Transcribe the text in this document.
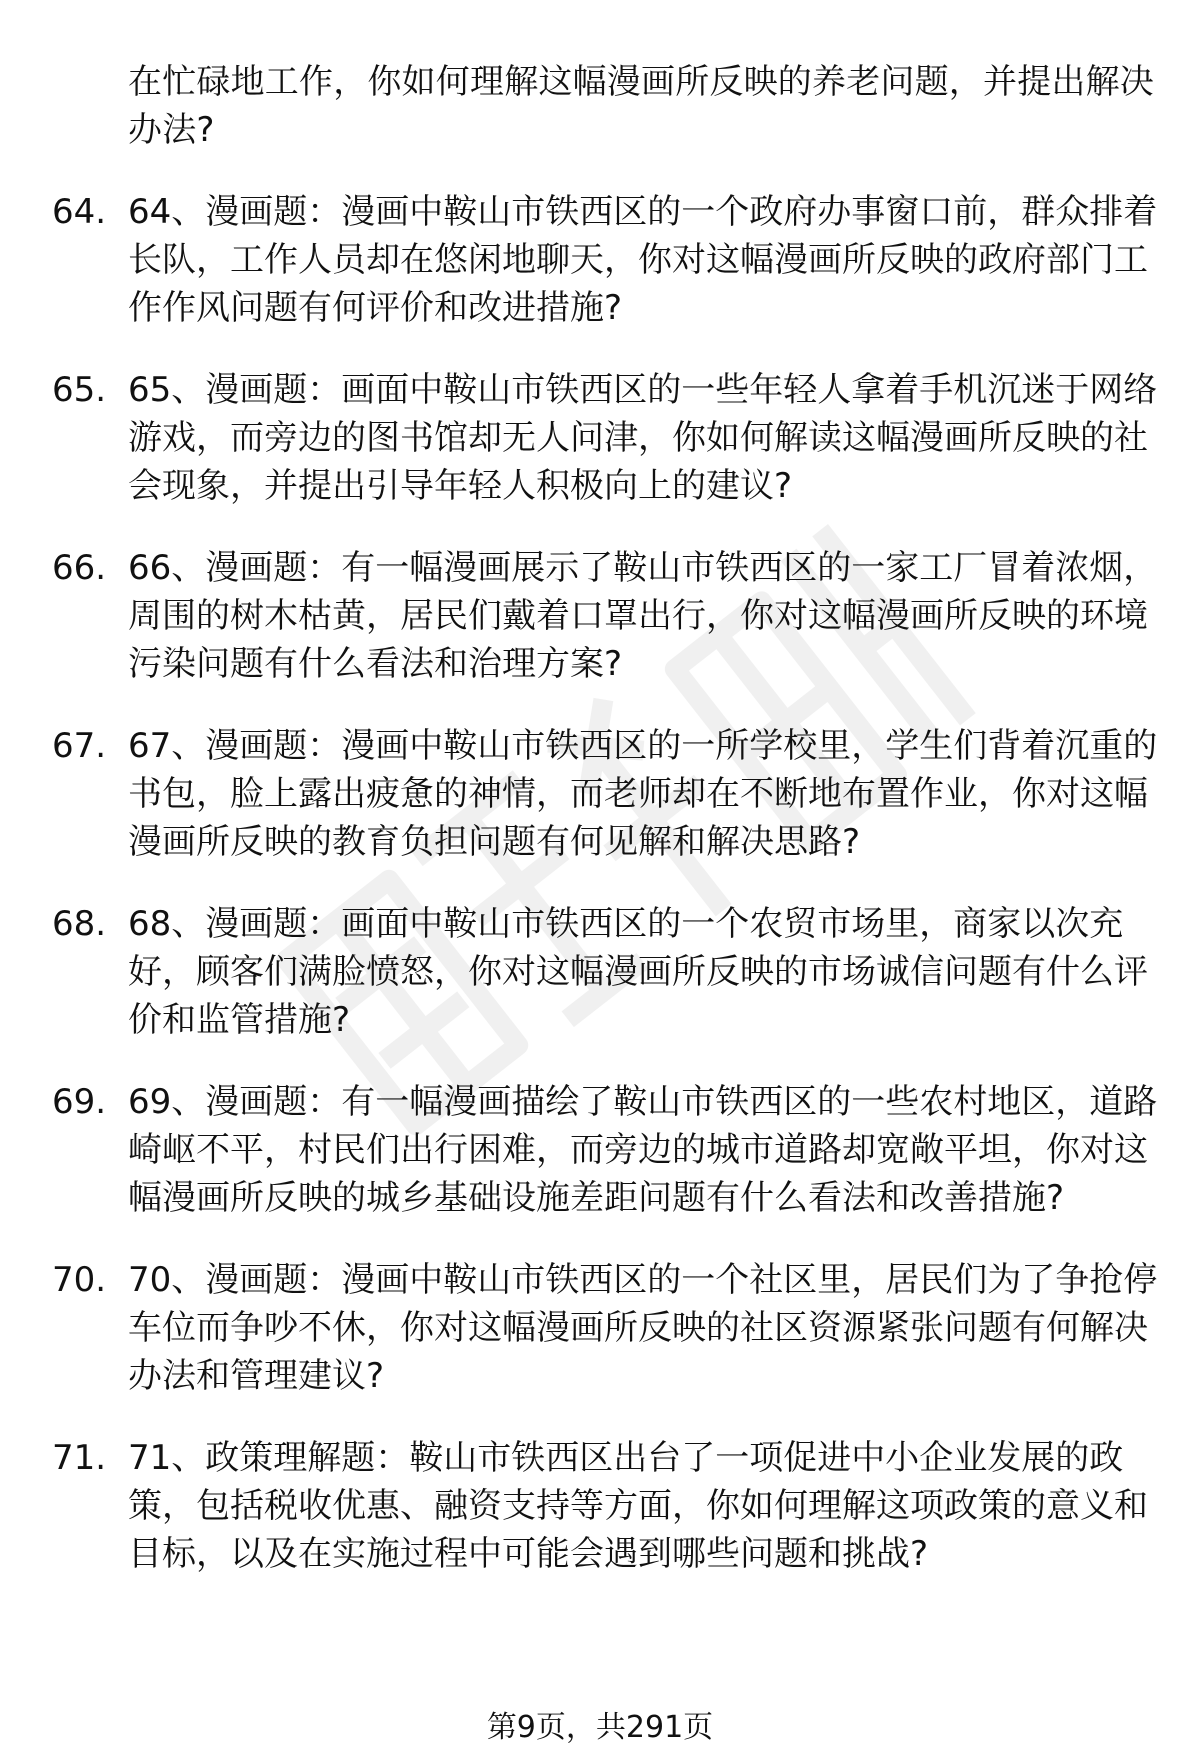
在忙碌地工作，你如何理解这幅漫画所反映的养老问题，并提出解决办法?
64. 64、漫画题：漫画中鞍山市铁西区的一个政府办事窗口前，群众排着长队，工作人员却在悠闲地聊天，你对这幅漫画所反映的政府部门工作作风问题有何评价和改进措施?
65. 65、漫画题：画面中鞍山市铁西区的一些年轻人拿着手机沉迷于网络游戏，而旁边的图书馆却无人问津，你如何解读这幅漫画所反映的社会现象，并提出引导年轻人积极向上的建议?
66. 66、漫画题：有一幅漫画展示了鞍山市铁西区的一家工厂冒着浓烟，周围的树木枯黄，居民们戴着口罩出行，你对这幅漫画所反映的环境污染问题有什么看法和治理方案?
67. 67、漫画题：漫画中鞍山市铁西区的一所学校里，学生们背着沉重的书包，脸上露出疲惫的神情，而老师却在不断地布置作业，你对这幅漫画所反映的教育负担问题有何见解和解决思路?
68. 68、漫画题：画面中鞍山市铁西区的一个农贸市场里，商家以次充好，顾客们满脸愤怒，你对这幅漫画所反映的市场诚信问题有什么评价和监管措施?
69. 69、漫画题：有一幅漫画描绘了鞍山市铁西区的一些农村地区，道路崎岖不平，村民们出行困难，而旁边的城市道路却宽敞平坦，你对这幅漫画所反映的城乡基础设施差距问题有什么看法和改善措施?
70. 70、漫画题：漫画中鞍山市铁西区的一个社区里，居民们为了争抢停车位而争吵不休，你对这幅漫画所反映的社区资源紧张问题有何解决办法和管理建议?
71. 71、政策理解题：鞍山市铁西区出台了一项促进中小企业发展的政策，包括税收优惠、融资支持等方面，你如何理解这项政策的意义和目标，以及在实施过程中可能会遇到哪些问题和挑战?
第9页，共291页
